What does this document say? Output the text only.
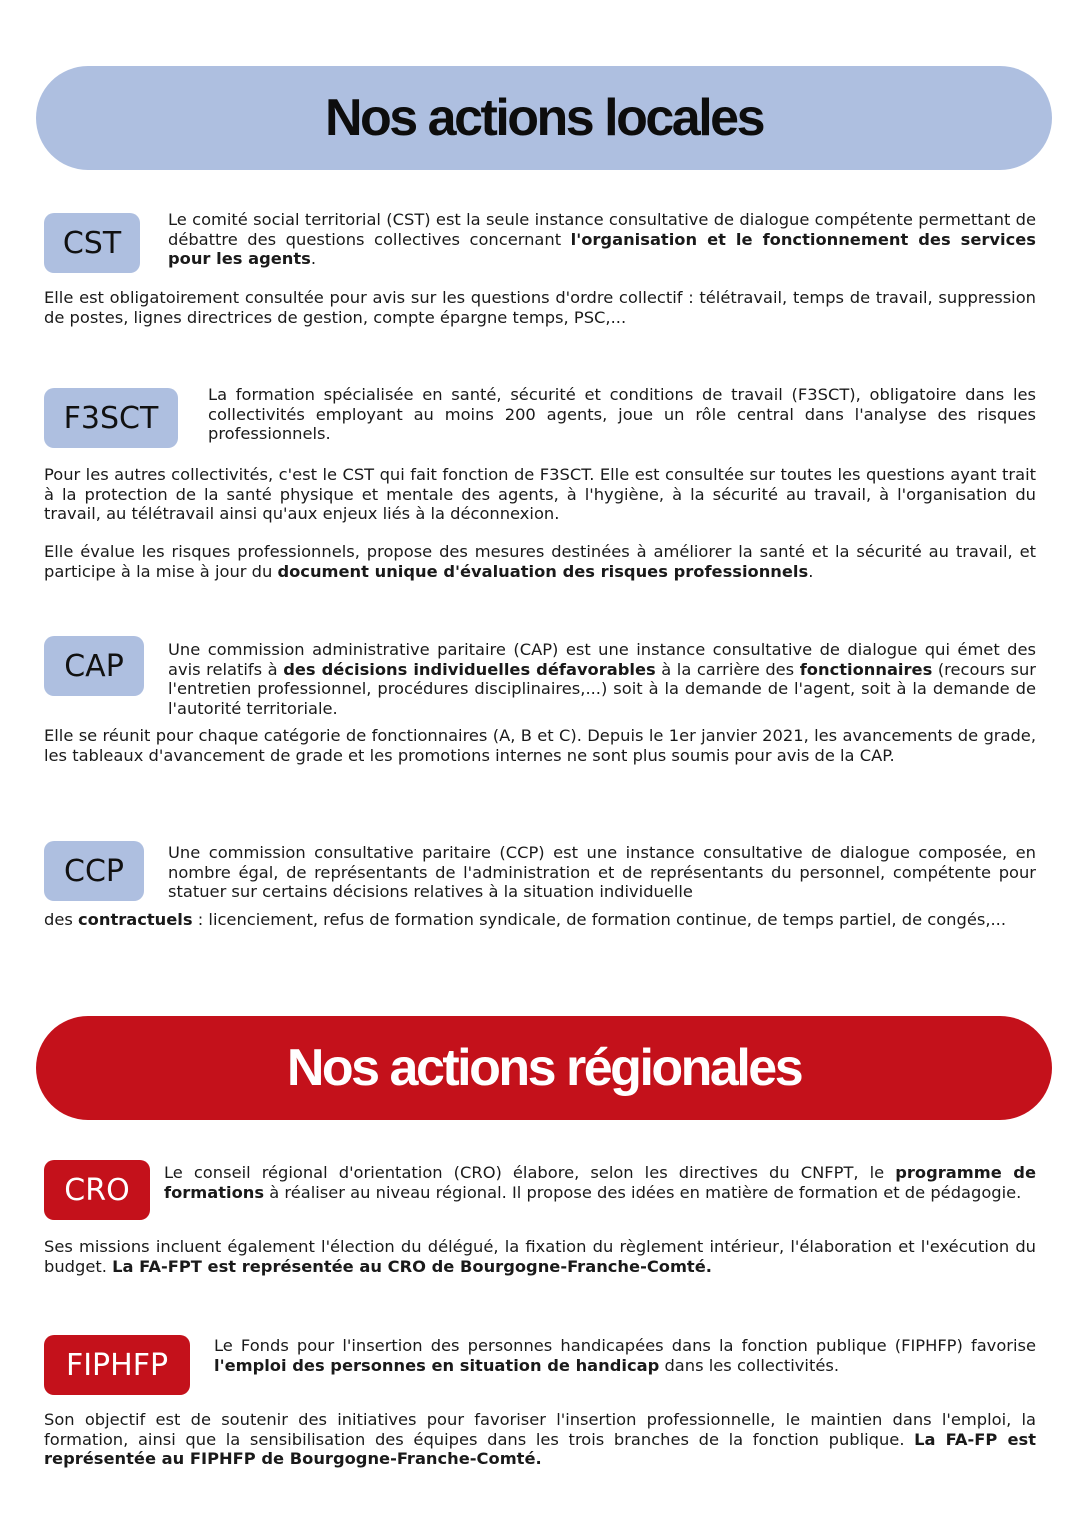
Nos actions locales
CST

Le comité social territorial (CST) est la seule instance consultative de dialogue compétente permettant de débattre des questions collectives concernant l'organisation et le fonctionnement des services pour les agents.

Elle est obligatoirement consultée pour avis sur les questions d'ordre collectif : télétravail, temps de travail, suppression de postes, lignes directrices de gestion, compte épargne temps, PSC,...

F3SCT

La formation spécialisée en santé, sécurité et conditions de travail (F3SCT), obligatoire dans les collectivités employant au moins 200 agents, joue un rôle central dans l'analyse des risques professionnels.

Pour les autres collectivités, c'est le CST qui fait fonction de F3SCT. Elle est consultée sur toutes les questions ayant trait à la protection de la santé physique et mentale des agents, à l'hygiène, à la sécurité au travail, à l'organisation du travail, au télétravail ainsi qu'aux enjeux liés à la déconnexion.

Elle évalue les risques professionnels, propose des mesures destinées à améliorer la santé et la sécurité au travail, et participe à la mise à jour du document unique d'évaluation des risques professionnels.

CAP	Une commission administrative paritaire (CAP) est une instance consultative de dialogue qui émet des avis relatifs à des décisions individuelles défavorables à la carrière des fonctionnaires (recours sur l'entretien professionnel, procédures disciplinaires,...) soit à la demande de l'agent, soit à la demande de l'autorité territoriale.

Elle se réunit pour chaque catégorie de fonctionnaires (A, B et C). Depuis le 1er janvier 2021, les avancements de grade, les tableaux d'avancement de grade et les promotions internes ne sont plus soumis pour avis de la CAP.

CCP

Une commission consultative paritaire (CCP) est une instance consultative de dialogue composée, en nombre égal, de représentants de l'administration et de représentants du personnel, compétente pour statuer sur certains décisions relatives à la situation individuelle

des contractuels : licenciement, refus de formation syndicale, de formation continue, de temps partiel, de congés,...

Nos actions régionales
CRO	Le conseil régional d'orientation (CRO) élabore, selon les directives du CNFPT, le programme de formations à réaliser au niveau régional. Il propose des idées en matière de formation et de pédagogie.

Ses missions incluent également l'élection du délégué, la fixation du règlement intérieur, l'élaboration et l'exécution du budget. La FA-FPT est représentée au CRO de Bourgogne-Franche-Comté.

FIPHFP

Le Fonds pour l'insertion des personnes handicapées dans la fonction publique (FIPHFP) favorise l'emploi des personnes en situation de handicap dans les collectivités.

Son objectif est de soutenir des initiatives pour favoriser l'insertion professionnelle, le maintien dans l'emploi, la formation, ainsi que la sensibilisation des équipes dans les trois branches de la fonction publique. La FA-FP est représentée au FIPHFP de Bourgogne-Franche-Comté.
